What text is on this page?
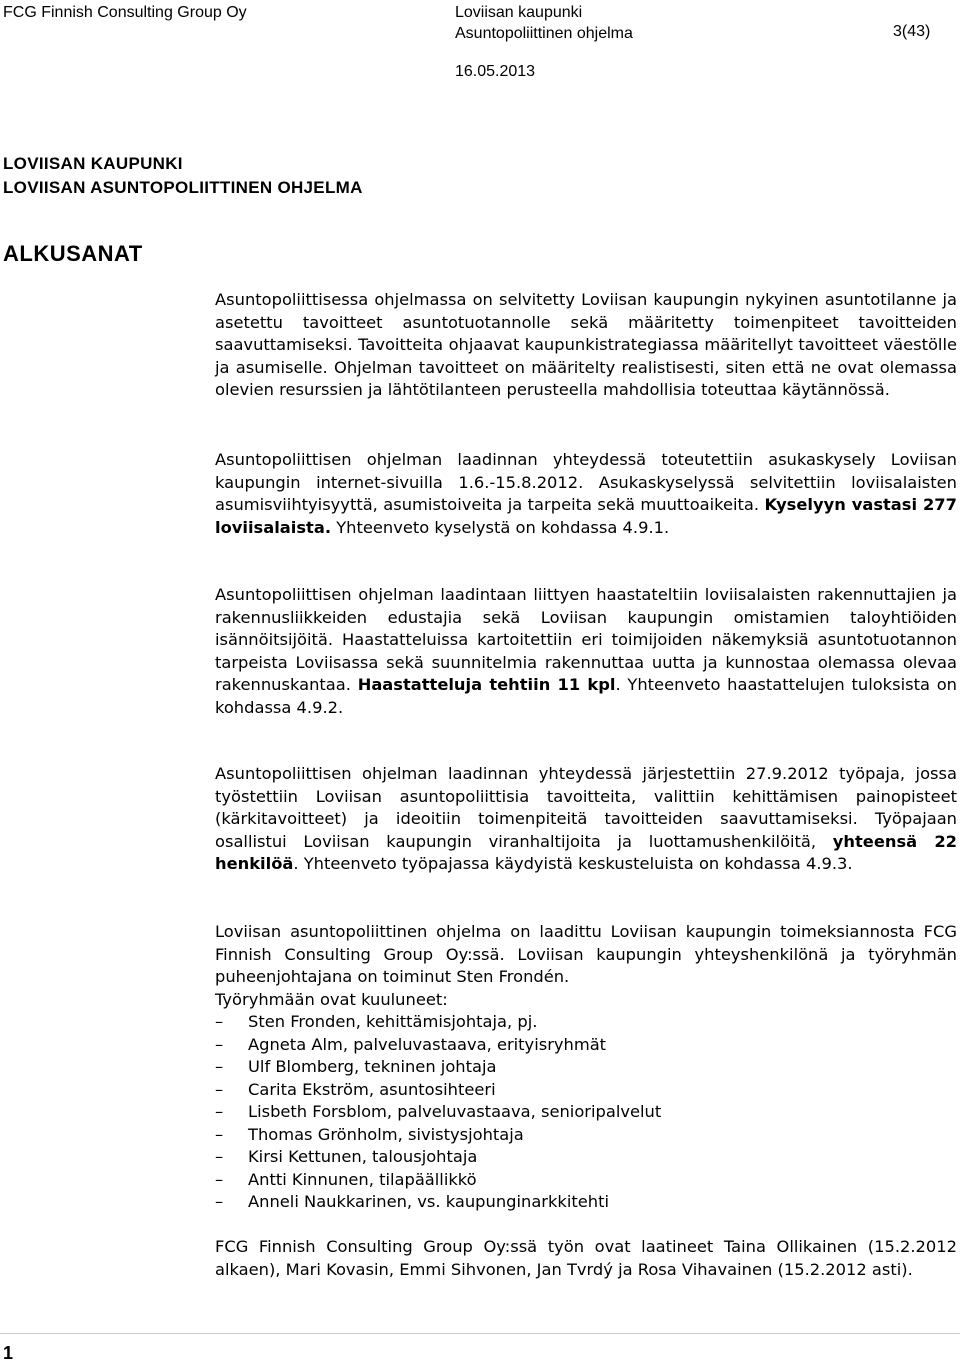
FCG Finnish Consulting Group Oy	Loviisan kaupunki
Asuntopoliittinen ohjelma	3(43)
16.05.2013
LOVIISAN KAUPUNKI
LOVIISAN ASUNTOPOLIITTINEN OHJELMA
ALKUSANAT

Asuntopoliittisessa ohjelmassa on selvitetty Loviisan kaupungin nykyinen asuntotilanne ja asetettu tavoitteet asuntotuotannolle sekä määritetty toimenpiteet tavoitteiden saavuttamiseksi. Tavoitteita ohjaavat kaupunkistrategiassa määritellyt tavoitteet väestölle ja asumiselle. Ohjelman tavoitteet on määritelty realistisesti, siten että ne ovat olemassa olevien resurssien ja lähtötilanteen perusteella mahdollisia toteuttaa käytännössä.

Asuntopoliittisen ohjelman laadinnan yhteydessä toteutettiin asukaskysely Loviisan kaupungin internet-sivuilla 1.6.-15.8.2012. Asukaskyselyssä selvitettiin loviisalaisten asumisviihtyisyyttä, asumistoiveita ja tarpeita sekä muuttoaikeita. Kyselyyn vastasi 277 loviisalaista. Yhteenveto kyselystä on kohdassa 4.9.1.

Asuntopoliittisen ohjelman laadintaan liittyen haastateltiin loviisalaisten rakennuttajien ja rakennusliikkeiden edustajia sekä Loviisan kaupungin omistamien taloyhtiöiden isännöitsijöitä. Haastatteluissa kartoitettiin eri toimijoiden näkemyksiä asuntotuotannon tarpeista Loviisassa sekä suunnitelmia rakennuttaa uutta ja kunnostaa olemassa olevaa rakennuskantaa. Haastatteluja tehtiin 11 kpl. Yhteenveto haastattelujen tuloksista on kohdassa 4.9.2.

Asuntopoliittisen ohjelman laadinnan yhteydessä järjestettiin 27.9.2012 työpaja, jossa työstettiin Loviisan asuntopoliittisia tavoitteita, valittiin kehittämisen painopisteet (kärkitavoitteet) ja ideoitiin toimenpiteitä tavoitteiden saavuttamiseksi. Työpajaan osallistui Loviisan kaupungin viranhaltijoita ja luottamushenkilöitä, yhteensä 22 henkilöä. Yhteenveto työpajassa käydyistä keskusteluista on kohdassa 4.9.3.

Loviisan asuntopoliittinen ohjelma on laadittu Loviisan kaupungin toimeksiannosta FCG Finnish Consulting Group Oy:ssä. Loviisan kaupungin yhteyshenkilönä ja työryhmän puheenjohtajana on toiminut Sten Frondén.

Työryhmään ovat kuuluneet:
– Sten Fronden, kehittämisjohtaja, pj.
– Agneta Alm, palveluvastaava, erityisryhmät
– Ulf Blomberg, tekninen johtaja
– Carita Ekström, asuntosihteeri
– Lisbeth Forsblom, palveluvastaava, senioripalvelut
– Thomas Grönholm, sivistysjohtaja
– Kirsi Kettunen, talousjohtaja
– Antti Kinnunen, tilapäällikkö
– Anneli Naukkarinen, vs. kaupunginarkkitehti

FCG Finnish Consulting Group Oy:ssä työn ovat laatineet Taina Ollikainen (15.2.2012 alkaen), Mari Kovasin, Emmi Sihvonen, Jan Tvrdý ja Rosa Vihavainen (15.2.2012 asti).

1
